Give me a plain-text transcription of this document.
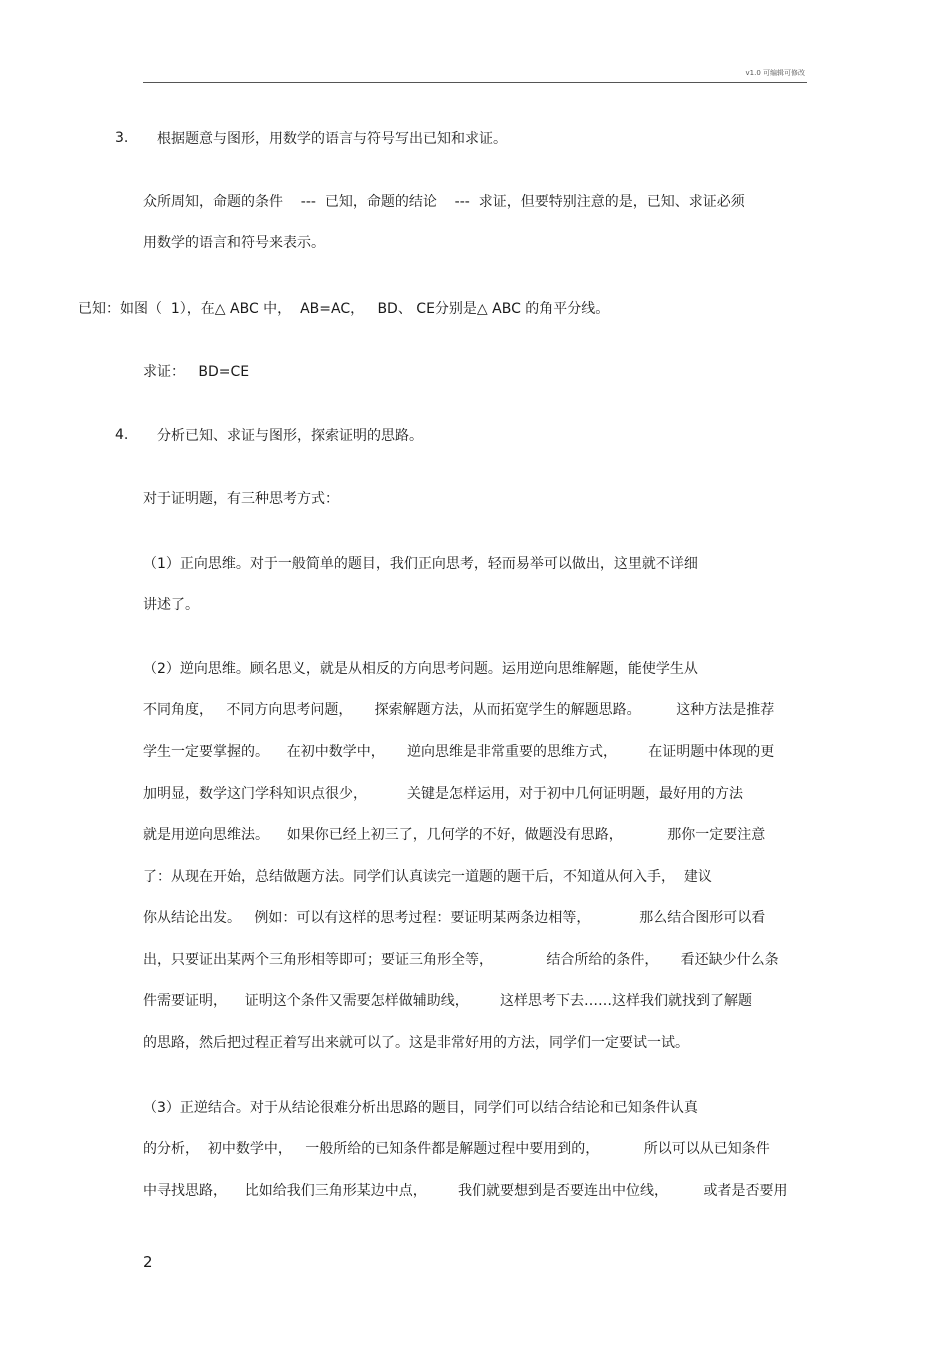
v1.0 可编辑可修改
3. 根据题意与图形，用数学的语言与符号写出已知和求证。
众所周知，命题的条件    ---  已知，命题的结论    ---  求证，但要特别注意的是，已知、求证必须
用数学的语言和符号来表示。
已知：如图（  1），在△ ABC 中，  AB=AC，   BD、 CE分别是△ ABC 的角平分线。
求证：   BD=CE
4. 分析已知、求证与图形，探索证明的思路。
对于证明题，有三种思考方式：
（1）正向思维。对于一般简单的题目，我们正向思考，轻而易举可以做出，这里就不详细
讲述了。
（2）逆向思维。顾名思义，就是从相反的方向思考问题。运用逆向思维解题，能使学生从
不同角度，   不同方向思考问题，     探索解题方法，从而拓宽学生的解题思路。        这种方法是推荐
学生一定要掌握的。    在初中数学中，     逆向思维是非常重要的思维方式，       在证明题中体现的更
加明显，数学这门学科知识点很少，         关键是怎样运用，对于初中几何证明题，最好用的方法
就是用逆向思维法。    如果你已经上初三了，几何学的不好，做题没有思路，          那你一定要注意
了：从现在开始，总结做题方法。同学们认真读完一道题的题干后，不知道从何入手，  建议
你从结论出发。   例如：可以有这样的思考过程：要证明某两条边相等，           那么结合图形可以看
出，只要证出某两个三角形相等即可；要证三角形全等，            结合所给的条件，     看还缺少什么条
件需要证明，    证明这个条件又需要怎样做辅助线，       这样思考下去……这样我们就找到了解题
的思路，然后把过程正着写出来就可以了。这是非常好用的方法，同学们一定要试一试。
（3）正逆结合。对于从结论很难分析出思路的题目，同学们可以结合结论和已知条件认真
的分析，  初中数学中，   一般所给的已知条件都是解题过程中要用到的，          所以可以从已知条件
中寻找思路，    比如给我们三角形某边中点，       我们就要想到是否要连出中位线，        或者是否要用
2
